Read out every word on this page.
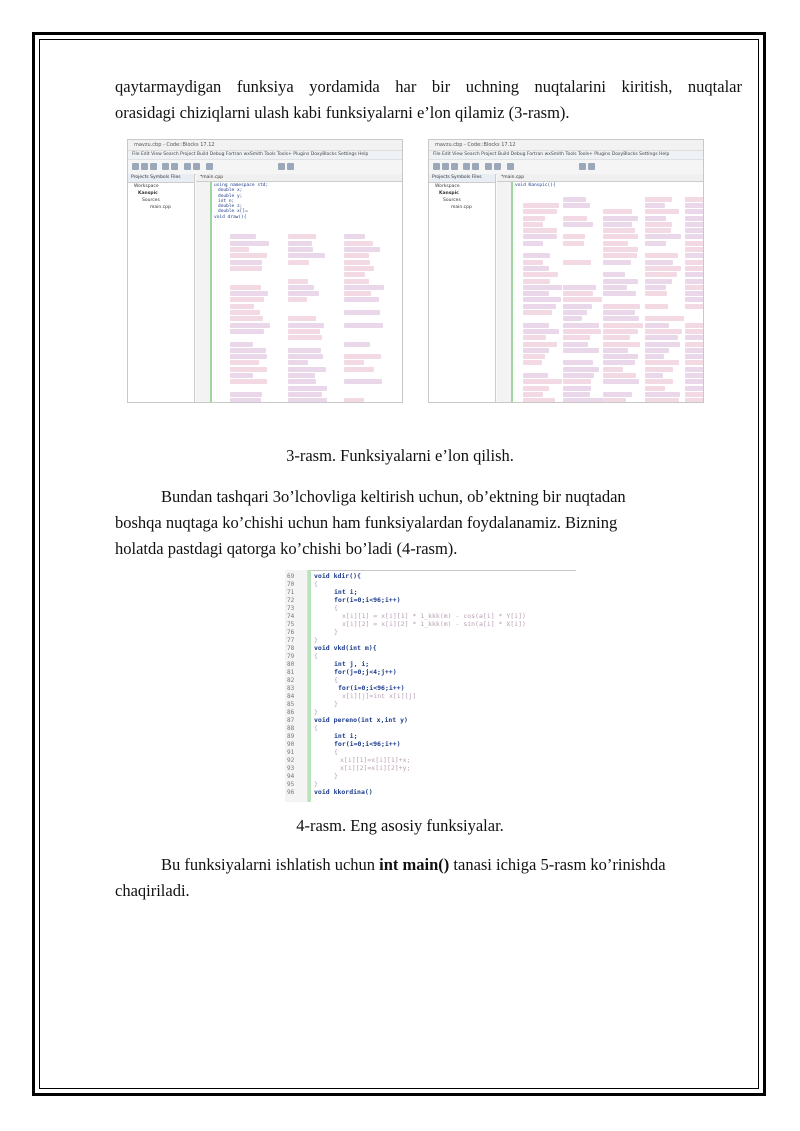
qaytarmaydigan funksiya yordamida har bir uchning nuqtalarini kiritish, nuqtalar
orasidagi chiziqlarni ulash kabi funksiyalarni e’lon qilamiz (3-rasm).
mavzu.cbp - Code::Blocks 17.12
File Edit View Search Project Build Debug Fortran wxSmith Tools Tools+ Plugins DoxyBlocks Settings Help
Projects Symbols Files
Workspace
Kanspic
Sources
main.cpp
*main.cpp
using namespace std;
double x;
double y;
int n;
double z;
double x[]=
void draw(){
mavzu.cbp - Code::Blocks 17.12
File Edit View Search Project Build Debug Fortran wxSmith Tools Tools+ Plugins DoxyBlocks Settings Help
Projects Symbols Files
Workspace
Kanspic
Sources
main.cpp
*main.cpp
void Kanspic(){

3-rasm. Funksiyalarni e’lon qilish.

Bundan tashqari 3o’lchovliga keltirish uchun, ob’ektning bir nuqtadan
boshqa nuqtaga ko’chishi uchun ham funksiyalardan foydalanamiz. Bizning
holatda pastdagi qatorga ko’chishi bo’ladi (4-rasm).
69
70
71
72
73
74
75
76
77
78
79
80
81
82
83
84
85
86
87
88
89
90
91
92
93
94
95
96
void kdir(){
{
int i;
for(i=0;i<96;i++)
{
x[i][1] = x[i][1] * 1_kkk(m) - cos(a[i] * Y[i])
x[i][2] = x[i][2] * 1_kkk(m) - sin(a[i] * X[i])
}
}
void vkd(int m){
{
int j, i;
for(j=0;j<4;j++)
{
for(i=0;i<96;i++)
x[i][j]=int x[i][j]
}
}
void pereno(int x,int y)
{
int i;
for(i=0;i<96;i++)
{
x[i][1]=x[i][1]+x;
x[i][2]=x[i][2]+y;
}
}
void kkordina()

4-rasm. Eng asosiy funksiyalar.

Bu funksiyalarni ishlatish uchun int main() tanasi ichiga 5-rasm ko’rinishda
chaqiriladi.
